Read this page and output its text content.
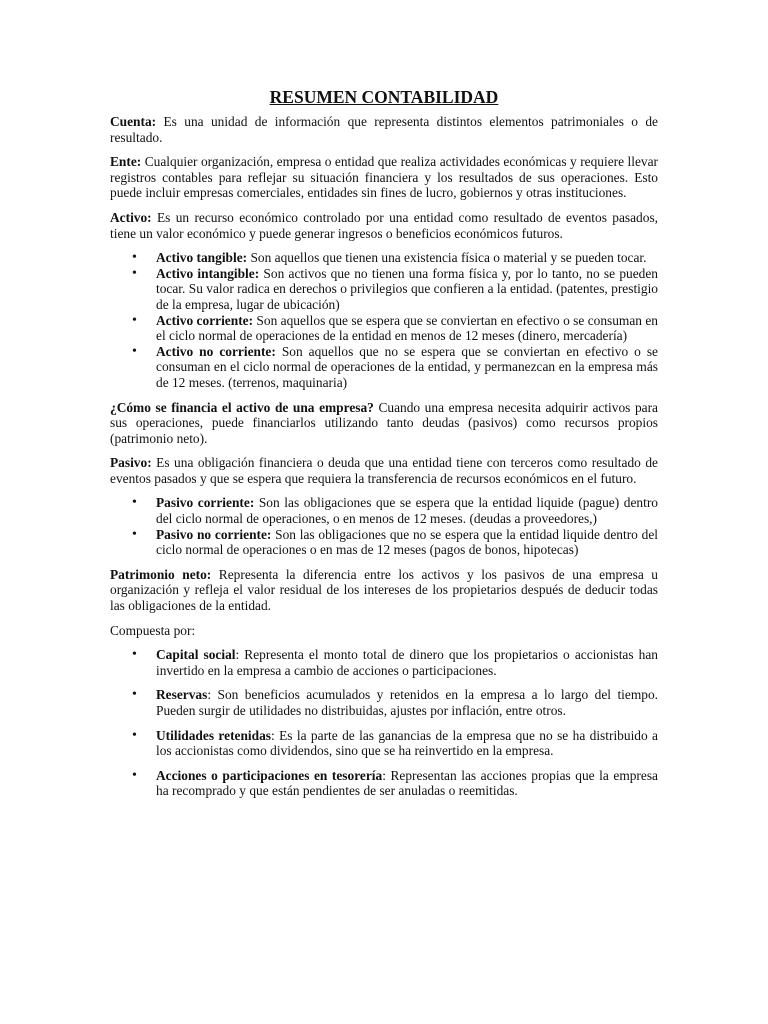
RESUMEN CONTABILIDAD

Cuenta: Es una unidad de información que representa distintos elementos patrimoniales o de resultado.

Ente: Cualquier organización, empresa o entidad que realiza actividades económicas y requiere llevar registros contables para reflejar su situación financiera y los resultados de sus operaciones. Esto puede incluir empresas comerciales, entidades sin fines de lucro, gobiernos y otras instituciones.

Activo: Es un recurso económico controlado por una entidad como resultado de eventos pasados, tiene un valor económico y puede generar ingresos o beneficios económicos futuros.

• Activo tangible: Son aquellos que tienen una existencia física o material y se pueden tocar.
• Activo intangible: Son activos que no tienen una forma física y, por lo tanto, no se pueden tocar. Su valor radica en derechos o privilegios que confieren a la entidad. (patentes, prestigio de la empresa, lugar de ubicación)
• Activo corriente: Son aquellos que se espera que se conviertan en efectivo o se consuman en el ciclo normal de operaciones de la entidad en menos de 12 meses (dinero, mercadería)
• Activo no corriente: Son aquellos que no se espera que se conviertan en efectivo o se consuman en el ciclo normal de operaciones de la entidad, y permanezcan en la empresa más de 12 meses. (terrenos, maquinaria)

¿Cómo se financia el activo de una empresa? Cuando una empresa necesita adquirir activos para sus operaciones, puede financiarlos utilizando tanto deudas (pasivos) como recursos propios (patrimonio neto).

Pasivo: Es una obligación financiera o deuda que una entidad tiene con terceros como resultado de eventos pasados y que se espera que requiera la transferencia de recursos económicos en el futuro.

• Pasivo corriente: Son las obligaciones que se espera que la entidad liquide (pague) dentro del ciclo normal de operaciones, o en menos de 12 meses. (deudas a proveedores,)
• Pasivo no corriente: Son las obligaciones que no se espera que la entidad liquide dentro del ciclo normal de operaciones o en mas de 12 meses (pagos de bonos, hipotecas)

Patrimonio neto: Representa la diferencia entre los activos y los pasivos de una empresa u organización y refleja el valor residual de los intereses de los propietarios después de deducir todas las obligaciones de la entidad.

Compuesta por:

• Capital social: Representa el monto total de dinero que los propietarios o accionistas han invertido en la empresa a cambio de acciones o participaciones.
• Reservas: Son beneficios acumulados y retenidos en la empresa a lo largo del tiempo. Pueden surgir de utilidades no distribuidas, ajustes por inflación, entre otros.
• Utilidades retenidas: Es la parte de las ganancias de la empresa que no se ha distribuido a los accionistas como dividendos, sino que se ha reinvertido en la empresa.
• Acciones o participaciones en tesorería: Representan las acciones propias que la empresa ha recomprado y que están pendientes de ser anuladas o reemitidas.
